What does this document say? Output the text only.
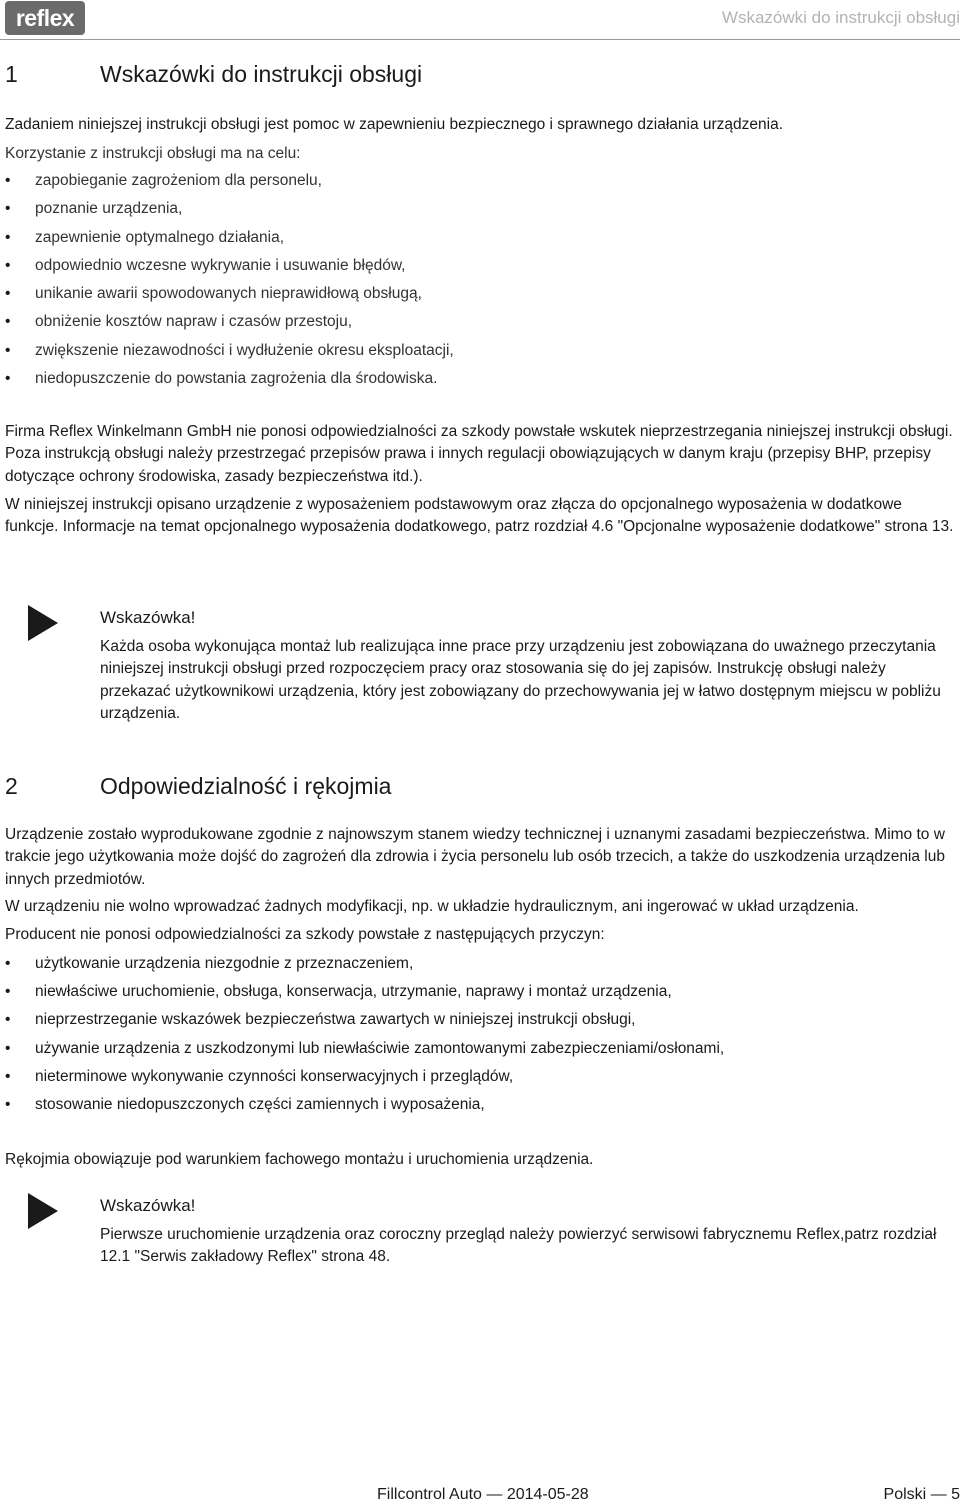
reflex	Wskazówki do instrukcji obsługi
1	Wskazówki do instrukcji obsługi

Zadaniem niniejszej instrukcji obsługi jest pomoc w zapewnieniu bezpiecznego i sprawnego działania urządzenia.

Korzystanie z instrukcji obsługi ma na celu:

• zapobieganie zagrożeniom dla personelu,
• poznanie urządzenia,
• zapewnienie optymalnego działania,
• odpowiednio wczesne wykrywanie i usuwanie błędów,
• unikanie awarii spowodowanych nieprawidłową obsługą,
• obniżenie kosztów napraw i czasów przestoju,
• zwiększenie niezawodności i wydłużenie okresu eksploatacji,
• niedopuszczenie do powstania zagrożenia dla środowiska.

Firma Reflex Winkelmann GmbH nie ponosi odpowiedzialności za szkody powstałe wskutek nieprzestrzegania niniejszej instrukcji obsługi. Poza instrukcją obsługi należy przestrzegać przepisów prawa i innych regulacji obowiązujących w danym kraju (przepisy BHP, przepisy dotyczące ochrony środowiska, zasady bezpieczeństwa itd.).

W niniejszej instrukcji opisano urządzenie z wyposażeniem podstawowym oraz złącza do opcjonalnego wyposażenia w dodatkowe funkcje. Informacje na temat opcjonalnego wyposażenia dodatkowego, patrz rozdział 4.6 "Opcjonalne wyposażenie dodatkowe" strona 13.

Wskazówka!

Każda osoba wykonująca montaż lub realizująca inne prace przy urządzeniu jest zobowiązana do uważnego przeczytania niniejszej instrukcji obsługi przed rozpoczęciem pracy oraz stosowania się do jej zapisów. Instrukcję obsługi należy przekazać użytkownikowi urządzenia, który jest zobowiązany do przechowywania jej w łatwo dostępnym miejscu w pobliżu urządzenia.

2	Odpowiedzialność i rękojmia

Urządzenie zostało wyprodukowane zgodnie z najnowszym stanem wiedzy technicznej i uznanymi zasadami bezpieczeństwa. Mimo to w trakcie jego użytkowania może dojść do zagrożeń dla zdrowia i życia personelu lub osób trzecich, a także do uszkodzenia urządzenia lub innych przedmiotów.

W urządzeniu nie wolno wprowadzać żadnych modyfikacji, np. w układzie hydraulicznym, ani ingerować w układ urządzenia.

Producent nie ponosi odpowiedzialności za szkody powstałe z następujących przyczyn:

• użytkowanie urządzenia niezgodnie z przeznaczeniem,
• niewłaściwe uruchomienie, obsługa, konserwacja, utrzymanie, naprawy i montaż urządzenia,
• nieprzestrzeganie wskazówek bezpieczeństwa zawartych w niniejszej instrukcji obsługi,
• używanie urządzenia z uszkodzonymi lub niewłaściwie zamontowanymi zabezpieczeniami/osłonami,
• nieterminowe wykonywanie czynności konserwacyjnych i przeglądów,
• stosowanie niedopuszczonych części zamiennych i wyposażenia,

Rękojmia obowiązuje pod warunkiem fachowego montażu i uruchomienia urządzenia.

Wskazówka!

Pierwsze uruchomienie urządzenia oraz coroczny przegląd należy powierzyć serwisowi fabrycznemu Reflex,patrz rozdział 12.1 "Serwis zakładowy Reflex" strona 48.

Fillcontrol Auto — 2014-05-28	Polski — 5
